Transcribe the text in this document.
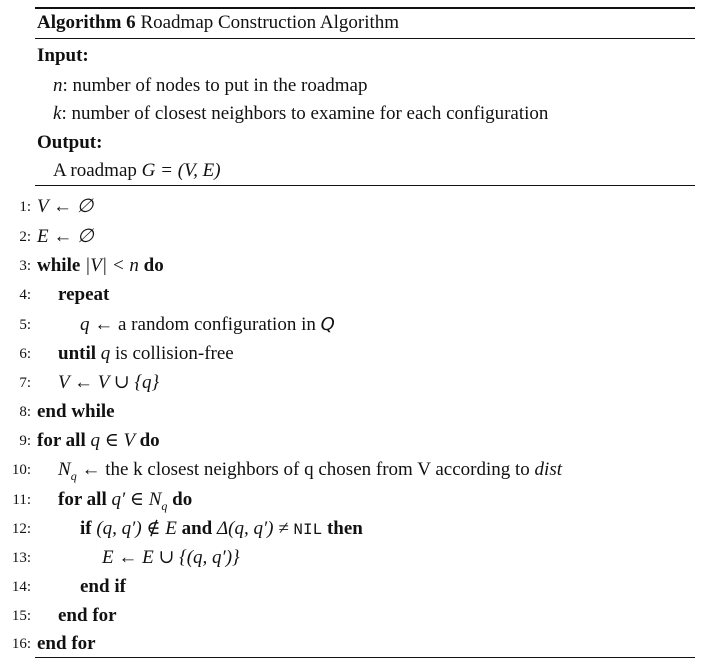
Algorithm 6 Roadmap Construction Algorithm
Input:
n: number of nodes to put in the roadmap
k: number of closest neighbors to examine for each configuration
Output:
A roadmap G = (V, E)
1: V ← ∅
2: E ← ∅
3: while |V| < n do
4: repeat
5:	q ← a random configuration in Q
6: until q is collision-free
7: V ← V ∪ {q}
8: end while
9: for all q ∈ V do
10: $N_q$ ← the k closest neighbors of q chosen from V according to dist
11: for all q′ ∈ $N_q$ do
12:	if (q, q′) ∉ E and Δ(q, q′) ≠ NIL then
13:	E ← E ∪ {(q, q′)}
14:	end if
15: end for
16: end for
